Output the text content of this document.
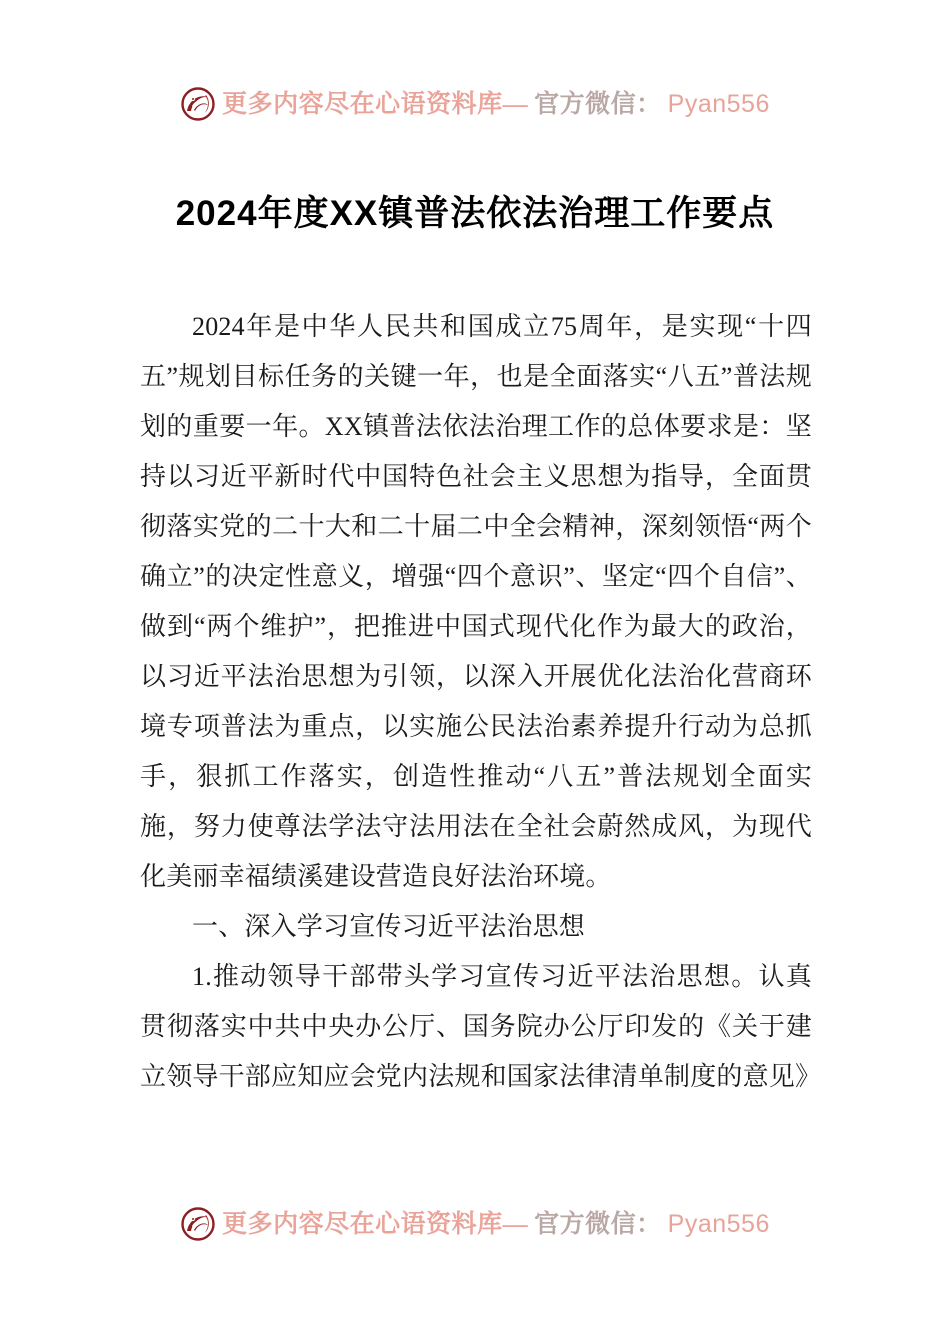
更多内容尽在心语资料库— 官方微信： Pyan556
2024年度XX镇普法依法治理工作要点

2024年是中华人民共和国成立75周年，是实现“十四五”规划目标任务的关键一年，也是全面落实“八五”普法规划的重要一年。XX镇普法依法治理工作的总体要求是：坚持以习近平新时代中国特色社会主义思想为指导，全面贯彻落实党的二十大和二十届二中全会精神，深刻领悟“两个确立”的决定性意义，增强“四个意识”、坚定“四个自信”、做到“两个维护”，把推进中国式现代化作为最大的政治，以习近平法治思想为引领，以深入开展优化法治化营商环境专项普法为重点，以实施公民法治素养提升行动为总抓手，狠抓工作落实，创造性推动“八五”普法规划全面实施，努力使尊法学法守法用法在全社会蔚然成风，为现代化美丽幸福绩溪建设营造良好法治环境。

一、深入学习宣传习近平法治思想

1.推动领导干部带头学习宣传习近平法治思想。认真贯彻落实中共中央办公厅、国务院办公厅印发的《关于建立领导干部应知应会党内法规和国家法律清单制度的意见》

更多内容尽在心语资料库— 官方微信： Pyan556
